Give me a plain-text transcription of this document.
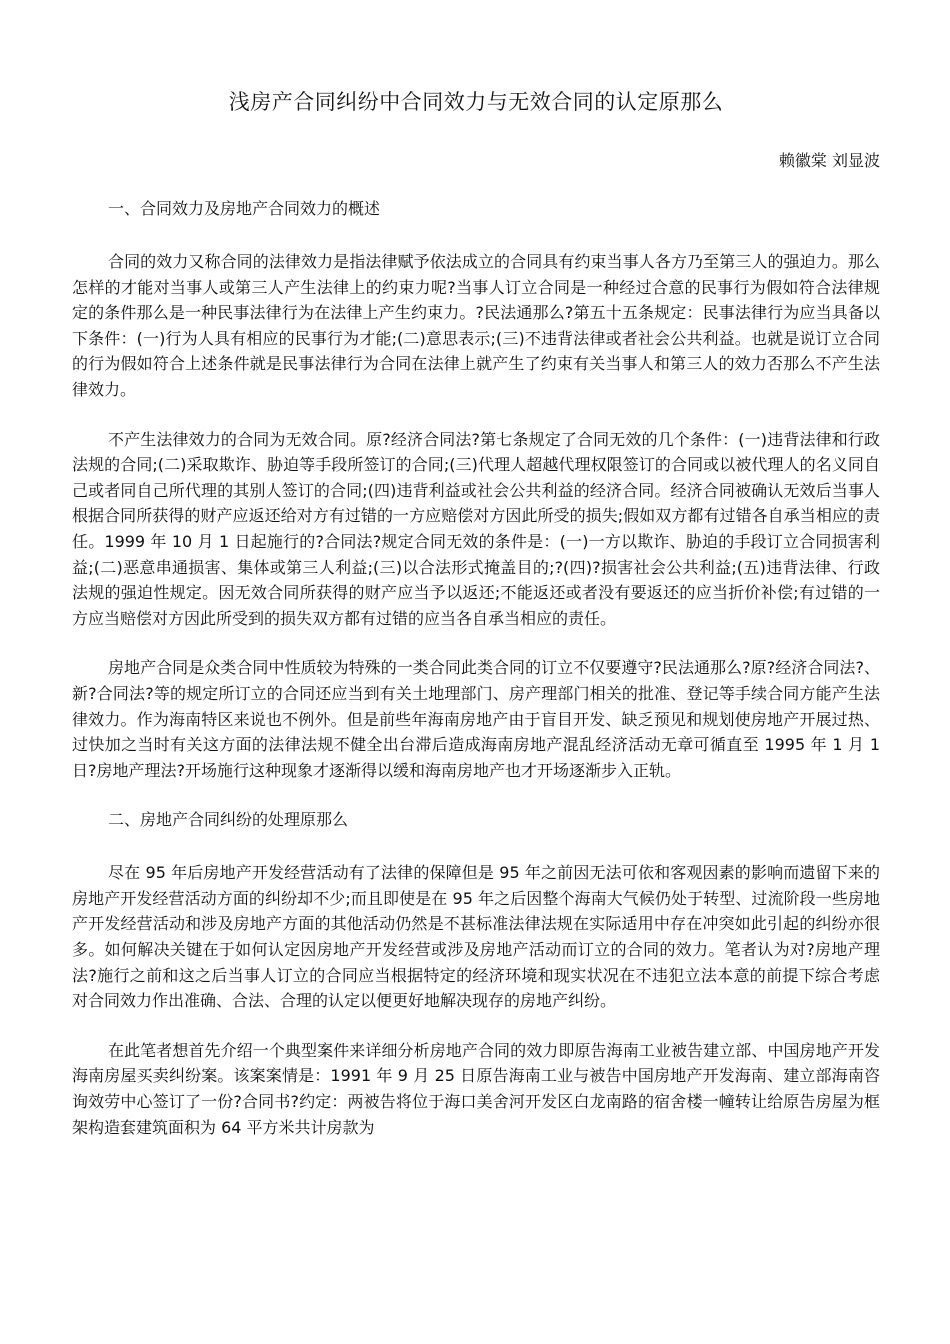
浅房产合同纠纷中合同效力与无效合同的认定原那么
赖徽棠 刘显波
一、合同效力及房地产合同效力的概述

合同的效力又称合同的法律效力是指法律赋予依法成立的合同具有约束当事人各方乃至第三人的强迫力。那么怎样的才能对当事人或第三人产生法律上的约束力呢?当事人订立合同是一种经过合意的民事行为假如符合法律规定的条件那么是一种民事法律行为在法律上产生约束力。?民法通那么?第五十五条规定：民事法律行为应当具备以下条件：(一)行为人具有相应的民事行为才能;(二)意思表示;(三)不违背法律或者社会公共利益。也就是说订立合同的行为假如符合上述条件就是民事法律行为合同在法律上就产生了约束有关当事人和第三人的效力否那么不产生法律效力。

不产生法律效力的合同为无效合同。原?经济合同法?第七条规定了合同无效的几个条件：(一)违背法律和行政法规的合同;(二)采取欺诈、胁迫等手段所签订的合同;(三)代理人超越代理权限签订的合同或以被代理人的名义同自己或者同自己所代理的其别人签订的合同;(四)违背利益或社会公共利益的经济合同。经济合同被确认无效后当事人根据合同所获得的财产应返还给对方有过错的一方应赔偿对方因此所受的损失;假如双方都有过错各自承当相应的责任。1999 年 10 月 1 日起施行的?合同法?规定合同无效的条件是：(一)一方以欺诈、胁迫的手段订立合同损害利益;(二)恶意串通损害、集体或第三人利益;(三)以合法形式掩盖目的;?(四)?损害社会公共利益;(五)违背法律、行政法规的强迫性规定。因无效合同所获得的财产应当予以返还;不能返还或者没有要返还的应当折价补偿;有过错的一方应当赔偿对方因此所受到的损失双方都有过错的应当各自承当相应的责任。

房地产合同是众类合同中性质较为特殊的一类合同此类合同的订立不仅要遵守?民法通那么?原?经济合同法?、新?合同法?等的规定所订立的合同还应当到有关土地理部门、房产理部门相关的批准、登记等手续合同方能产生法律效力。作为海南特区来说也不例外。但是前些年海南房地产由于盲目开发、缺乏预见和规划使房地产开展过热、过快加之当时有关这方面的法律法规不健全出台滞后造成海南房地产混乱经济活动无章可循直至 1995 年 1 月 1 日?房地产理法?开场施行这种现象才逐渐得以缓和海南房地产也才开场逐渐步入正轨。

二、房地产合同纠纷的处理原那么

尽在 95 年后房地产开发经营活动有了法律的保障但是 95 年之前因无法可依和客观因素的影响而遗留下来的房地产开发经营活动方面的纠纷却不少;而且即使是在 95 年之后因整个海南大气候仍处于转型、过流阶段一些房地产开发经营活动和涉及房地产方面的其他活动仍然是不甚标准法律法规在实际适用中存在冲突如此引起的纠纷亦很多。如何解决关键在于如何认定因房地产开发经营或涉及房地产活动而订立的合同的效力。笔者认为对?房地产理法?施行之前和这之后当事人订立的合同应当根据特定的经济环境和现实状况在不违犯立法本意的前提下综合考虑对合同效力作出准确、合法、合理的认定以便更好地解决现存的房地产纠纷。

在此笔者想首先介绍一个典型案件来详细分析房地产合同的效力即原告海南工业被告建立部、中国房地产开发海南房屋买卖纠纷案。该案案情是：1991 年 9 月 25 日原告海南工业与被告中国房地产开发海南、建立部海南咨询效劳中心签订了一份?合同书?约定：两被告将位于海口美舍河开发区白龙南路的宿舍楼一幢转让给原告房屋为框架构造套建筑面积为 64 平方米共计房款为
